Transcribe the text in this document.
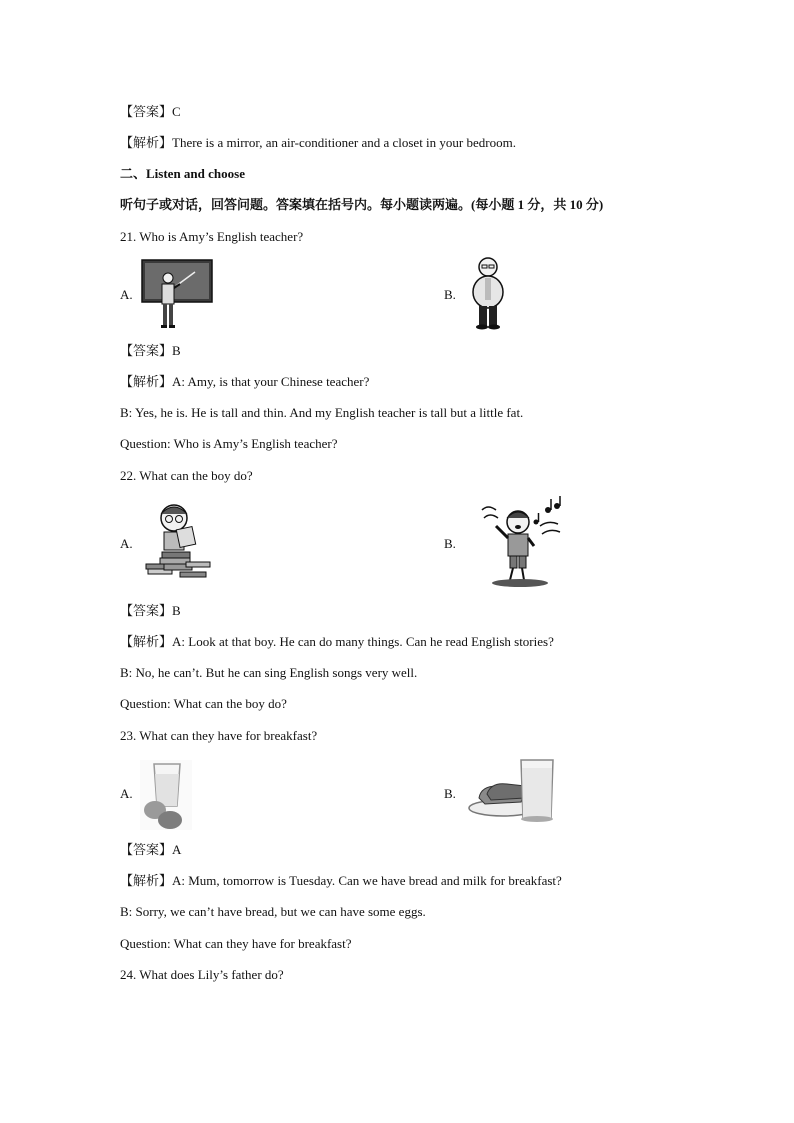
【答案】C
【解析】There is a mirror, an air-conditioner and a closet in your bedroom.
二、Listen and choose
听句子或对话，回答问题。答案填在括号内。每小题读两遍。(每小题 1 分，共 10 分)
21. Who is Amy’s English teacher?
A.	B.
【答案】B
【解析】A: Amy, is that your Chinese teacher?
B: Yes, he is. He is tall and thin. And my English teacher is tall but a little fat.
Question: Who is Amy’s English teacher?
22. What can the boy do?
A.	B.
【答案】B
【解析】A: Look at that boy. He can do many things. Can he read English stories?
B: No, he can’t. But he can sing English songs very well.
Question: What can the boy do?
23. What can they have for breakfast?
A.	B.
【答案】A
【解析】A: Mum, tomorrow is Tuesday. Can we have bread and milk for breakfast?
B: Sorry, we can’t have bread, but we can have some eggs.
Question: What can they have for breakfast?
24. What does Lily’s father do?
